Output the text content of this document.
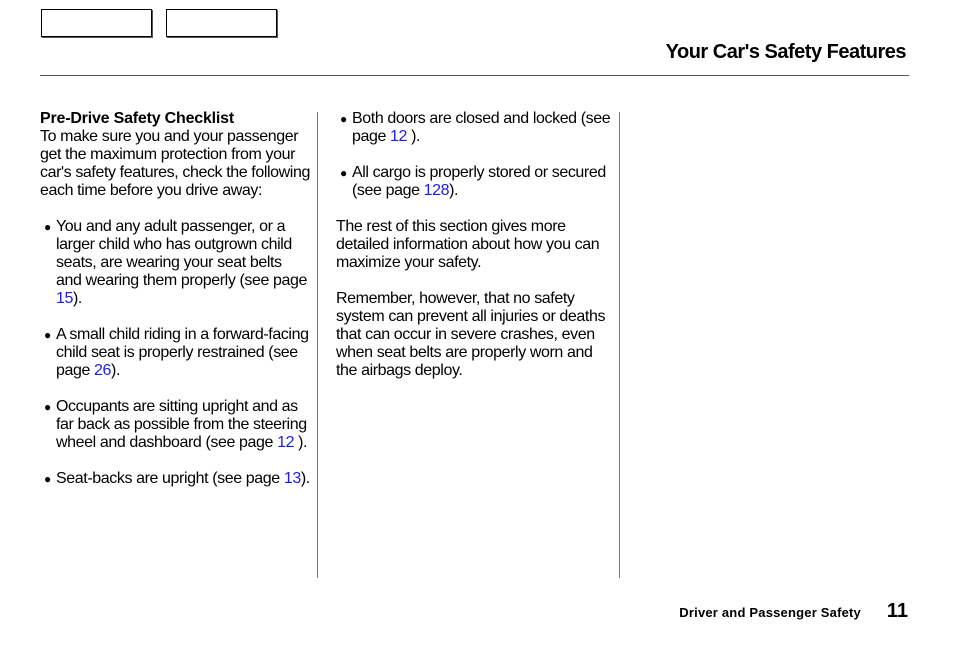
Your Car's Safety Features

Pre-Drive Safety Checklist

To make sure you and your passenger get the maximum protection from your car's safety features, check the following each time before you drive away:

● You and any adult passenger, or a larger child who has outgrown child seats, are wearing your seat belts and wearing them properly (see page 15).

● A small child riding in a forward-facing child seat is properly restrained (see page 26).

● Occupants are sitting upright and as far back as possible from the steering wheel and dashboard (see page 12 ).

● Seat-backs are upright (see page 13).

● Both doors are closed and locked (see page 12 ).

● All cargo is properly stored or secured (see page 128).

The rest of this section gives more detailed information about how you can maximize your safety.

Remember, however, that no safety system can prevent all injuries or deaths that can occur in severe crashes, even when seat belts are properly worn and the airbags deploy.

Driver and Passenger Safety 11
